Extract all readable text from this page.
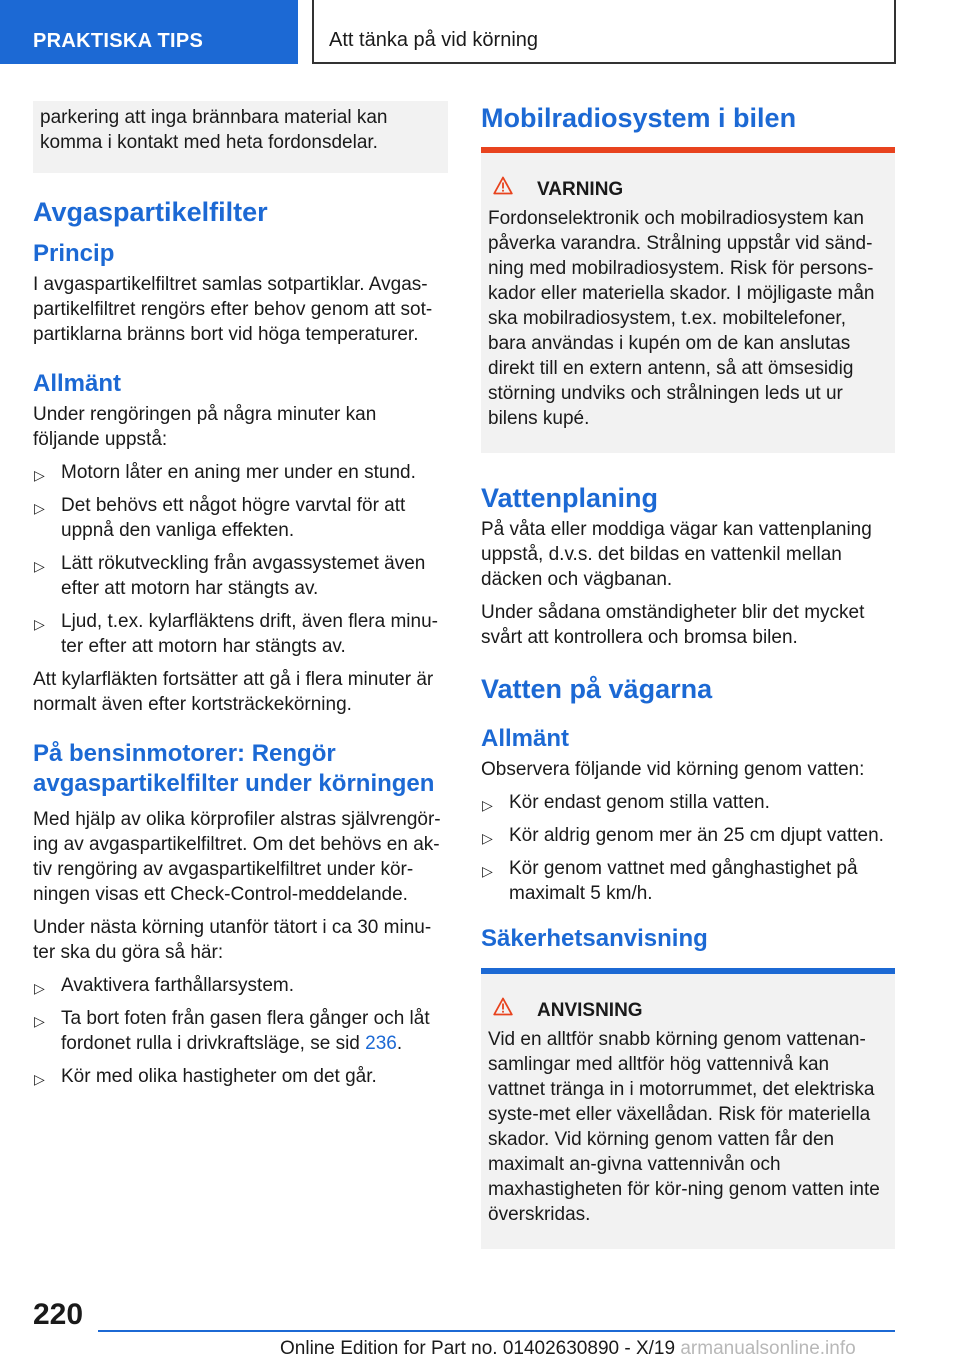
PRAKTISKA TIPS	Att tänka på vid körning
parkering att inga brännbara material kan
komma i kontakt med heta fordonsdelar.
Avgaspartikelfilter
Princip

I avgaspartikelfiltret samlas sotpartiklar. Avgas-partikelfiltret rengörs efter behov genom att sot-partiklarna bränns bort vid höga temperaturer.

Allmänt

Under rengöringen på några minuter kan följande uppstå:

▷ Motorn låter en aning mer under en stund.
▷ Det behövs ett något högre varvtal för att uppnå den vanliga effekten.
▷ Lätt rökutveckling från avgassystemet även efter att motorn har stängts av.
▷ Ljud, t.ex. kylarfläktens drift, även flera minu-ter efter att motorn har stängts av.

Att kylarfläkten fortsätter att gå i flera minuter är normalt även efter kortsträckekörning.

På bensinmotorer: Rengör avgaspartikelfilter under körningen

Med hjälp av olika körprofiler alstras självrengör-ing av avgaspartikelfiltret. Om det behövs en ak-tiv rengöring av avgaspartikelfiltret under kör-ningen visas ett Check-Control-meddelande.

Under nästa körning utanför tätort i ca 30 minu-ter ska du göra så här:

▷ Avaktivera farthållarsystem.
▷ Ta bort foten från gasen flera gånger och låt fordonet rulla i drivkraftsläge, se sid 236.
▷ Kör med olika hastigheter om det går.
Mobilradiosystem i bilen
VARNING

Fordonselektronik och mobilradiosystem kan påverka varandra. Strålning uppstår vid sänd-ning med mobilradiosystem. Risk för persons-kador eller materiella skador. I möjligaste mån ska mobilradiosystem, t.ex. mobiltelefoner, bara användas i kupén om de kan anslutas direkt till en extern antenn, så att ömsesidig störning undviks och strålningen leds ut ur bilens kupé.

Vattenplaning

På våta eller moddiga vägar kan vattenplaning uppstå, d.v.s. det bildas en vattenkil mellan däcken och vägbanan.

Under sådana omständigheter blir det mycket svårt att kontrollera och bromsa bilen.

Vatten på vägarna
Allmänt

Observera följande vid körning genom vatten:

▷ Kör endast genom stilla vatten.
▷ Kör aldrig genom mer än 25 cm djupt vatten.
▷ Kör genom vattnet med gånghastighet på maximalt 5 km/h.
Säkerhetsanvisning
ANVISNING

Vid en alltför snabb körning genom vattenan-samlingar med alltför hög vattennivå kan vattnet tränga in i motorrummet, det elektriska syste-met eller växellådan. Risk för materiella skador. Vid körning genom vatten får den maximalt an-givna vattennivån och maxhastigheten för kör-ning genom vatten inte överskridas.

220
Online Edition for Part no. 01402630890 - X/19 armanualsonline.info
